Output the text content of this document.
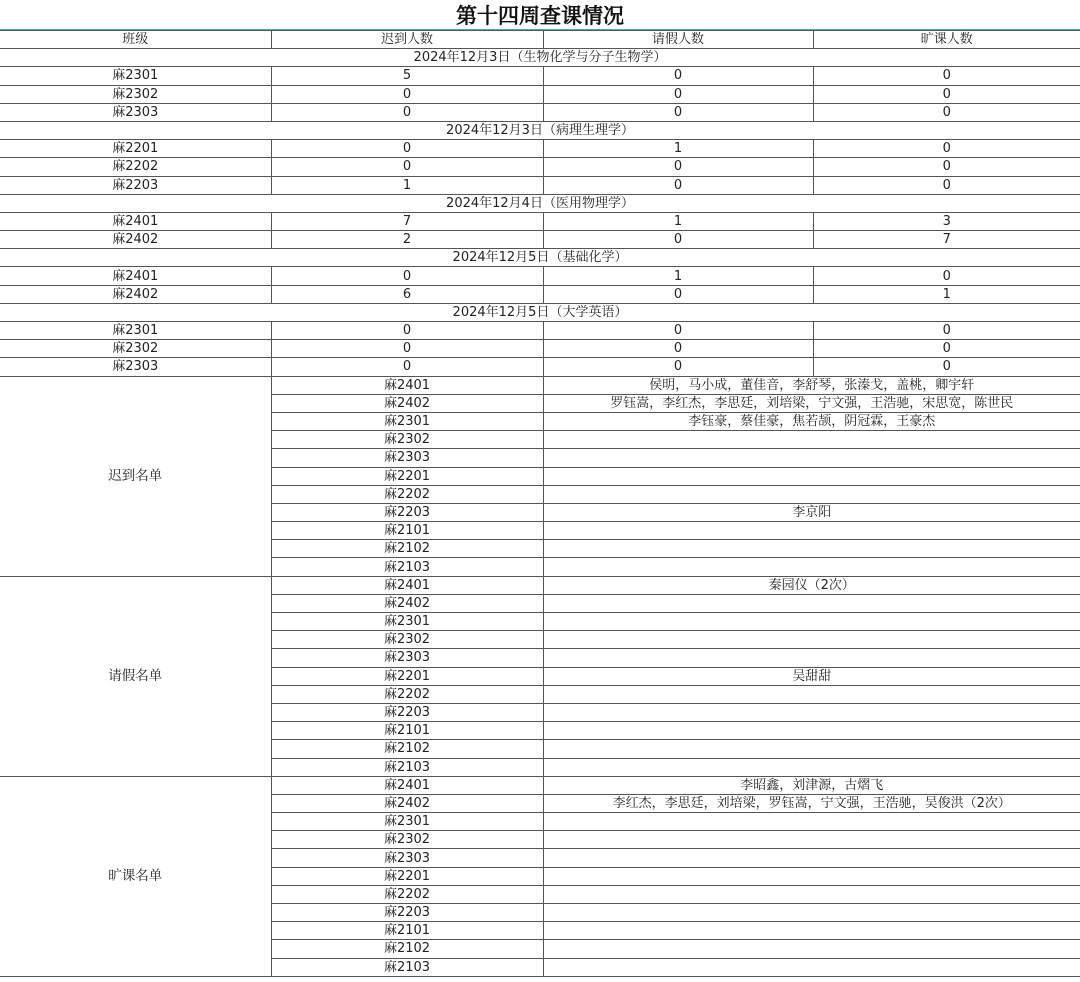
第十四周查课情况
班级	迟到人数	请假人数	旷课人数
2024年12月3日（生物化学与分子生物学）			
麻2301	5	0	0
麻2302	0	0	0
麻2303	0	0	0
2024年12月3日（病理生理学）			
麻2201	0	1	0
麻2202	0	0	0
麻2203	1	0	0
2024年12月4日（医用物理学）			
麻2401	7	1	3
麻2402	2	0	7
2024年12月5日（基础化学）			
麻2401	0	1	0
麻2402	6	0	1
2024年12月5日（大学英语）			
麻2301	0	0	0
麻2302	0	0	0
麻2303	0	0	0
迟到名单	麻2401	侯明，马小成，董佳音，李舒琴，张溱戈，盖桃，卿宇轩	
	麻2402	罗钰嵩，李红杰，李思廷，刘培梁，宁文强，王浩驰，宋思宽，陈世民	
	麻2301	李钰豪，蔡佳豪，焦若颉，阴冠霖，王豪杰	
	麻2302		
	麻2303		
	麻2201		
	麻2202		
	麻2203	李京阳	
	麻2101		
	麻2102		
	麻2103		
请假名单	麻2401	秦园仪（2次）	
	麻2402		
	麻2301		
	麻2302		
	麻2303		
	麻2201	吴甜甜	
	麻2202		
	麻2203		
	麻2101		
	麻2102		
	麻2103		
旷课名单	麻2401	李昭鑫，刘津源，古熠飞	
	麻2402	李红杰，李思廷，刘培梁，罗钰嵩，宁文强，王浩驰，吴俊洪（2次）	
	麻2301		
	麻2302		
	麻2303		
	麻2201		
	麻2202		
	麻2203		
	麻2101		
	麻2102		
	麻2103		
